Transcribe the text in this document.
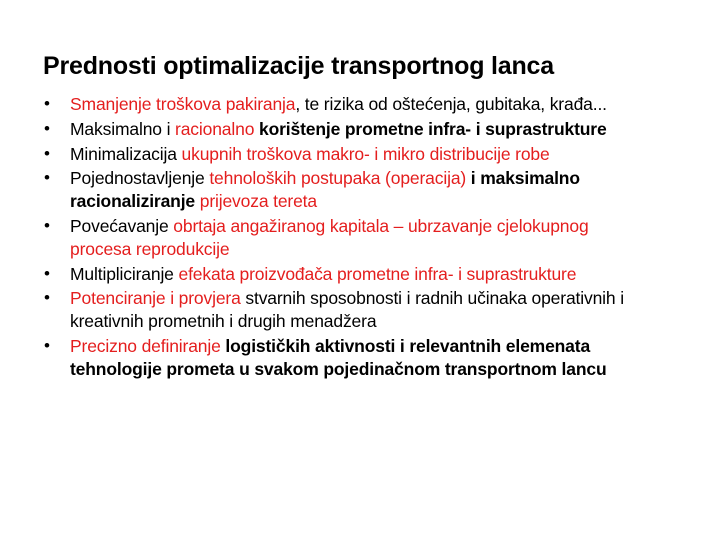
Prednosti optimalizacije transportnog lanca
• Smanjenje troškova pakiranja, te rizika od oštećenja, gubitaka, krađa...
• Maksimalno i racionalno korištenje prometne infra- i suprastrukture
• Minimalizacija ukupnih troškova makro- i mikro distribucije robe
• Pojednostavljenje tehnoloških postupaka (operacija) i maksimalno racionaliziranje prijevoza tereta
• Povećavanje obrtaja angažiranog kapitala – ubrzavanje cjelokupnog procesa reprodukcije
• Multipliciranje efekata proizvođača prometne infra- i suprastrukture
• Potenciranje i provjera stvarnih sposobnosti i radnih učinaka operativnih i kreativnih prometnih i drugih menadžera
• Precizno definiranje logističkih aktivnosti i relevantnih elemenata tehnologije prometa u svakom pojedinačnom transportnom lancu
